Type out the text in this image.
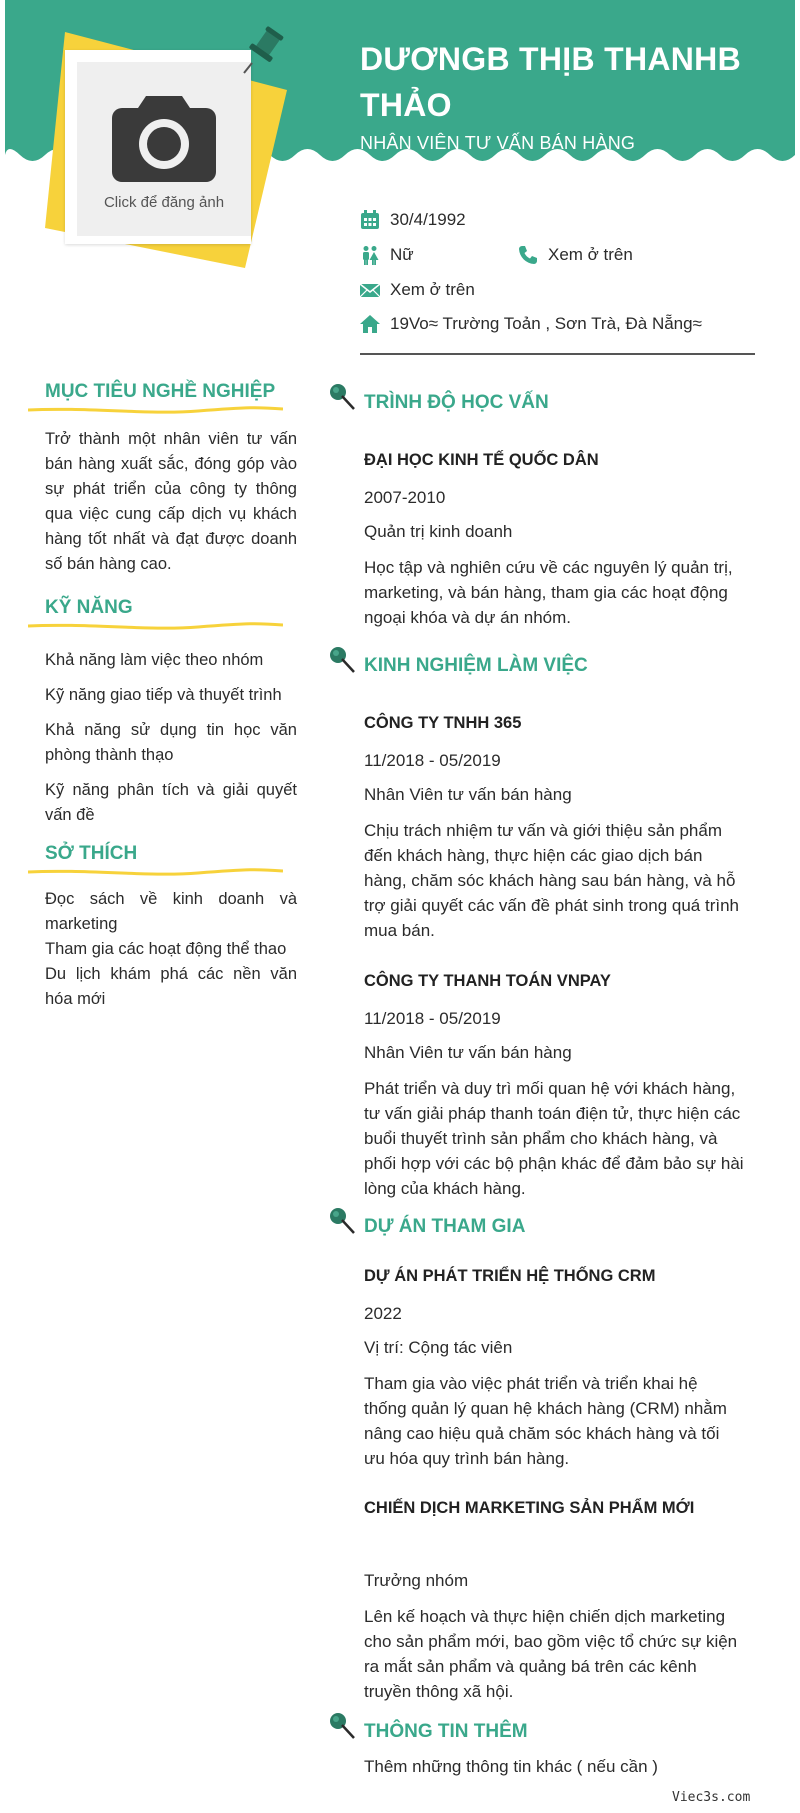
DƯƠNGB THỊB THANHB THẢO
NHÂN VIÊN TƯ VẤN BÁN HÀNG
Click để đăng ảnh
30/4/1992
Nữ	Xem ở trên
Xem ở trên
19Vo≈ Trường Toản , Sơn Trà, Đà Nẵng≈
MỤC TIÊU NGHỀ NGHIỆP
Trở thành một nhân viên tư vấn bán hàng xuất sắc, đóng góp vào sự phát triển của công ty thông qua việc cung cấp dịch vụ khách hàng tốt nhất và đạt được doanh số bán hàng cao.
KỸ NĂNG
Khả năng làm việc theo nhóm
Kỹ năng giao tiếp và thuyết trình
Khả năng sử dụng tin học văn phòng thành thạo
Kỹ năng phân tích và giải quyết vấn đề
SỞ THÍCH
Đọc sách về kinh doanh và marketing
Tham gia các hoạt động thể thao
Du lịch khám phá các nền văn hóa mới
TRÌNH ĐỘ HỌC VẤN
ĐẠI HỌC KINH TẾ QUỐC DÂN
2007-2010
Quản trị kinh doanh
Học tập và nghiên cứu về các nguyên lý quản trị, marketing, và bán hàng, tham gia các hoạt động ngoại khóa và dự án nhóm.
KINH NGHIỆM LÀM VIỆC
CÔNG TY TNHH 365
11/2018 - 05/2019
Nhân Viên tư vấn bán hàng
Chịu trách nhiệm tư vấn và giới thiệu sản phẩm đến khách hàng, thực hiện các giao dịch bán hàng, chăm sóc khách hàng sau bán hàng, và hỗ trợ giải quyết các vấn đề phát sinh trong quá trình mua bán.
CÔNG TY THANH TOÁN VNPAY
11/2018 - 05/2019
Nhân Viên tư vấn bán hàng
Phát triển và duy trì mối quan hệ với khách hàng, tư vấn giải pháp thanh toán điện tử, thực hiện các buổi thuyết trình sản phẩm cho khách hàng, và phối hợp với các bộ phận khác để đảm bảo sự hài lòng của khách hàng.
DỰ ÁN THAM GIA
DỰ ÁN PHÁT TRIỂN HỆ THỐNG CRM
2022
Vị trí: Cộng tác viên
Tham gia vào việc phát triển và triển khai hệ thống quản lý quan hệ khách hàng (CRM) nhằm nâng cao hiệu quả chăm sóc khách hàng và tối ưu hóa quy trình bán hàng.
CHIẾN DỊCH MARKETING SẢN PHẨM MỚI
Trưởng nhóm
Lên kế hoạch và thực hiện chiến dịch marketing cho sản phẩm mới, bao gồm việc tổ chức sự kiện ra mắt sản phẩm và quảng bá trên các kênh truyền thông xã hội.
THÔNG TIN THÊM
Thêm những thông tin khác ( nếu cần )
Viec3s.com
